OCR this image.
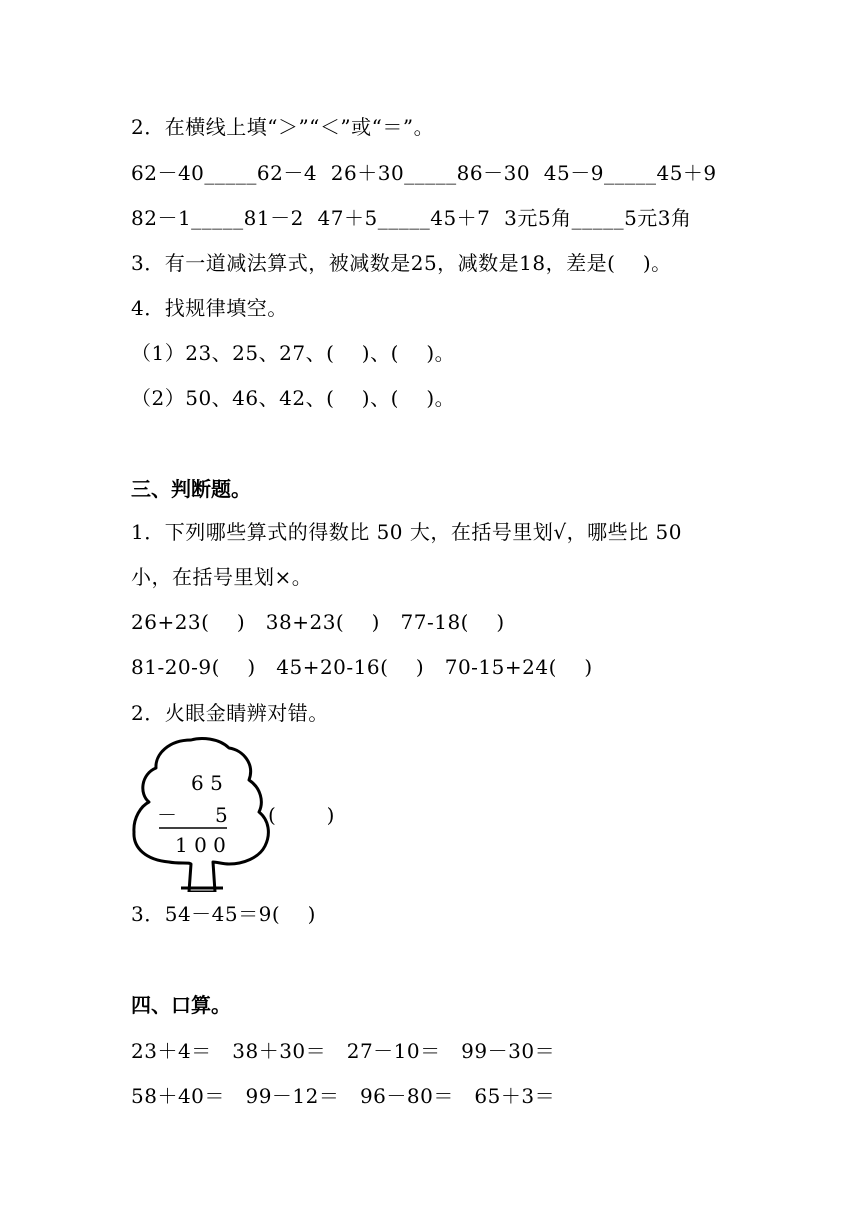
2．在横线上填“＞”“＜”或“＝”。
62－40_____62－4  26＋30_____86－30  45－9_____45＋9
82－1_____81－2  47＋5_____45＋7  3元5角_____5元3角
3．有一道减法算式，被减数是25，减数是18，差是(    )。
4．找规律填空。
（1）23、25、27、(    )、(    )。
（2）50、46、42、(    )、(    )。
三、判断题。
1．下列哪些算式的得数比 50 大，在括号里划√，哪些比 50
小，在括号里划×。
26+23(    )   38+23(    )   77-18(    )
81-20-9(    )   45+20-16(    )   70-15+24(    )
2．火眼金睛辨对错。
6 5
－ 5
1 0 0
(        )
3．54－45＝9(    )
四、口算。
23＋4＝   38＋30＝   27－10＝   99－30＝
58＋40＝   99－12＝   96－80＝   65＋3＝
